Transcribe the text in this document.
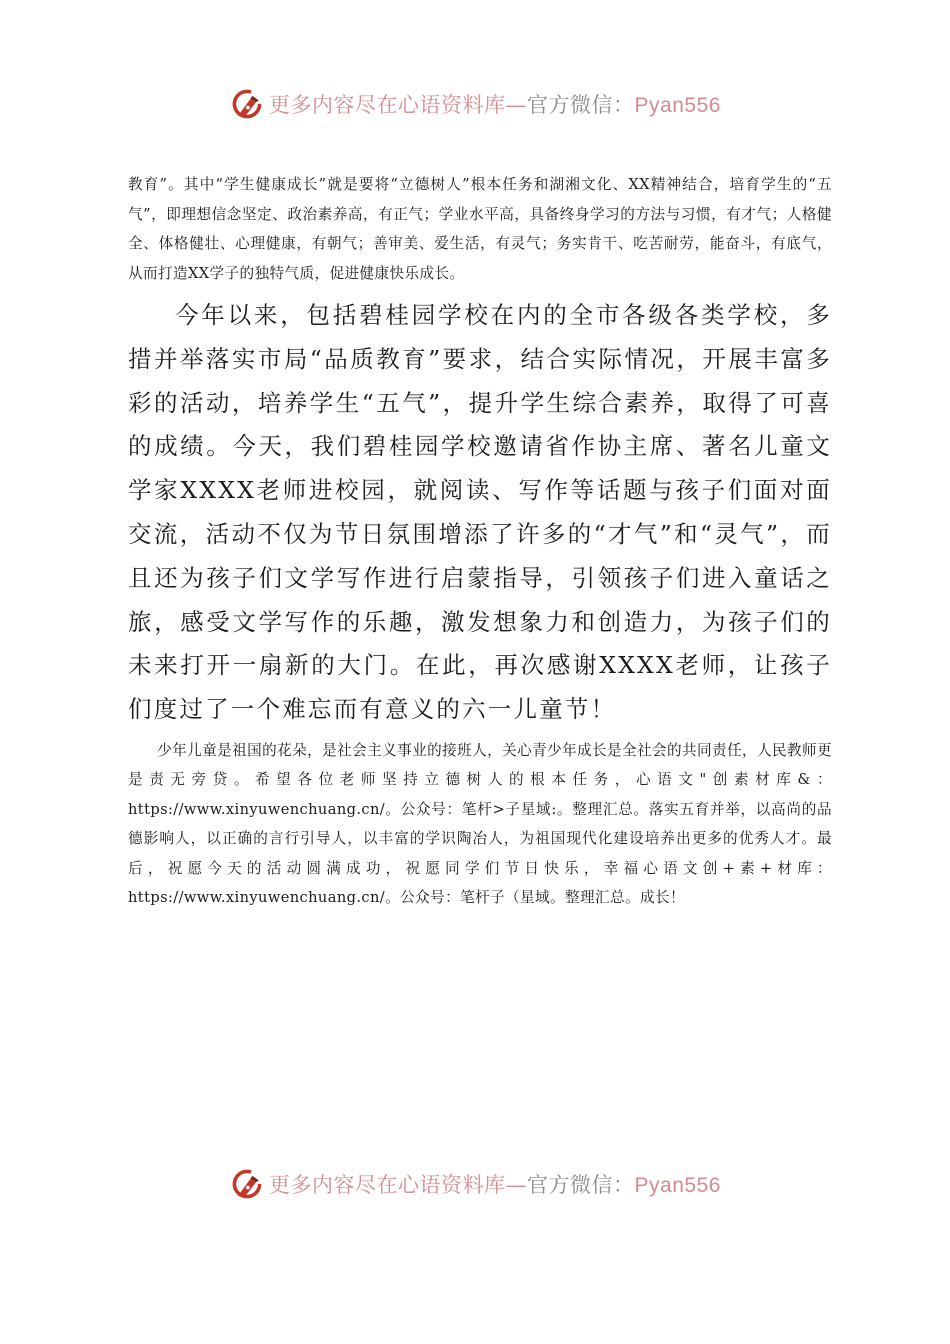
更多内容尽在心语资料库—官方微信：Pyan556

教育”。其中“学生健康成长”就是要将“立德树人”根本任务和湖湘文化、XX精神结合，培育学生的“五气”，即理想信念坚定、政治素养高，有正气；学业水平高，具备终身学习的方法与习惯，有才气；人格健全、体格健壮、心理健康，有朝气；善审美、爱生活，有灵气；务实肯干、吃苦耐劳，能奋斗，有底气，从而打造XX学子的独特气质，促进健康快乐成长。

今年以来，包括碧桂园学校在内的全市各级各类学校，多措并举落实市局“品质教育”要求，结合实际情况，开展丰富多彩的活动，培养学生“五气”，提升学生综合素养，取得了可喜的成绩。今天，我们碧桂园学校邀请省作协主席、著名儿童文学家XXXX老师进校园，就阅读、写作等话题与孩子们面对面交流，活动不仅为节日氛围增添了许多的“才气”和“灵气”，而且还为孩子们文学写作进行启蒙指导，引领孩子们进入童话之旅，感受文学写作的乐趣，激发想象力和创造力，为孩子们的未来打开一扇新的大门。在此，再次感谢XXXX老师，让孩子们度过了一个难忘而有意义的六一儿童节！

少年儿童是祖国的花朵，是社会主义事业的接班人，关心青少年成长是全社会的共同责任，人民教师更是责无旁贷。希望各位老师坚持立德树人的根本任务，心语文"创素材库&：https://www.xinyuwenchuang.cn/。公众号：笔杆>子星域:。整理汇总。落实五育并举，以高尚的品德影响人，以正确的言行引导人，以丰富的学识陶冶人，为祖国现代化建设培养出更多的优秀人才。最后，祝愿今天的活动圆满成功，祝愿同学们节日快乐，幸福心语文创+素+材库：https://www.xinyuwenchuang.cn/。公众号：笔杆子（星域。整理汇总。成长！

更多内容尽在心语资料库—官方微信：Pyan556
